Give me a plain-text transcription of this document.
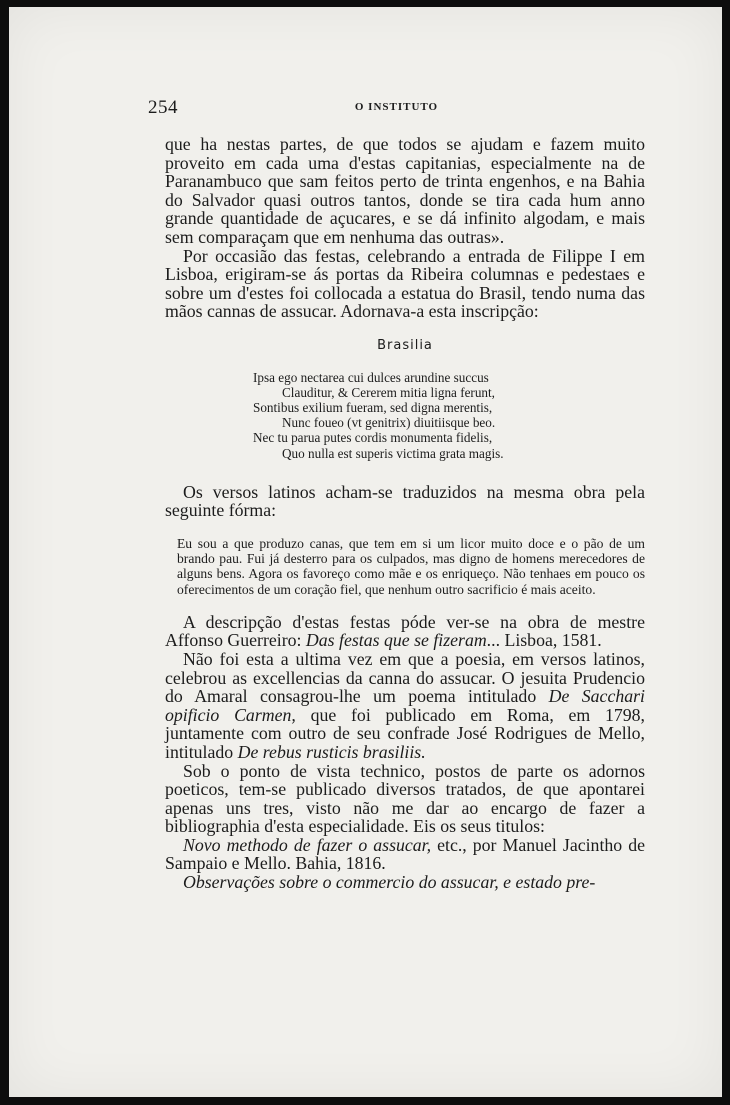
254	O INSTITUTO

que ha nestas partes, de que todos se ajudam e fazem muito proveito em cada uma d'estas capitanias, especialmente na de Paranambuco que sam feitos perto de trinta engenhos, e na Bahia do Salvador quasi outros tantos, donde se tira cada hum anno grande quantidade de açucares, e se dá infinito algodam, e mais sem comparaçam que em nenhuma das outras».

Por occasião das festas, celebrando a entrada de Filippe I em Lisboa, erigiram-se ás portas da Ribeira columnas e pedestaes e sobre um d'estes foi collocada a estatua do Brasil, tendo numa das mãos cannas de assucar. Adornava-a esta inscripção:

Brasilia
Ipsa ego nectarea cui dulces arundine succus
Clauditur, & Cererem mitia ligna ferunt,
Sontibus exilium fueram, sed digna merentis,
Nunc foueo (vt genitrix) diuitiisque beo.
Nec tu parua putes cordis monumenta fidelis,
Quo nulla est superis victima grata magis.

Os versos latinos acham-se traduzidos na mesma obra pela seguinte fórma:

Eu sou a que produzo canas, que tem em si um licor muito doce e o pão de um brando pau. Fui já desterro para os culpados, mas digno de homens merecedores de alguns bens. Agora os favoreço como mãe e os enriqueço. Não tenhaes em pouco os oferecimentos de um coração fiel, que nenhum outro sacrificio é mais aceito.

A descripção d'estas festas póde ver-se na obra de mestre Affonso Guerreiro: Das festas que se fizeram... Lisboa, 1581.

Não foi esta a ultima vez em que a poesia, em versos latinos, celebrou as excellencias da canna do assucar. O jesuita Prudencio do Amaral consagrou-lhe um poema intitulado De Sacchari opificio Carmen, que foi publicado em Roma, em 1798, juntamente com outro de seu confrade José Rodrigues de Mello, intitulado De rebus rusticis brasiliis.

Sob o ponto de vista technico, postos de parte os adornos poeticos, tem-se publicado diversos tratados, de que apontarei apenas uns tres, visto não me dar ao encargo de fazer a bibliographia d'esta especialidade. Eis os seus titulos:

Novo methodo de fazer o assucar, etc., por Manuel Jacintho de Sampaio e Mello. Bahia, 1816.

Observações sobre o commercio do assucar, e estado pre-
